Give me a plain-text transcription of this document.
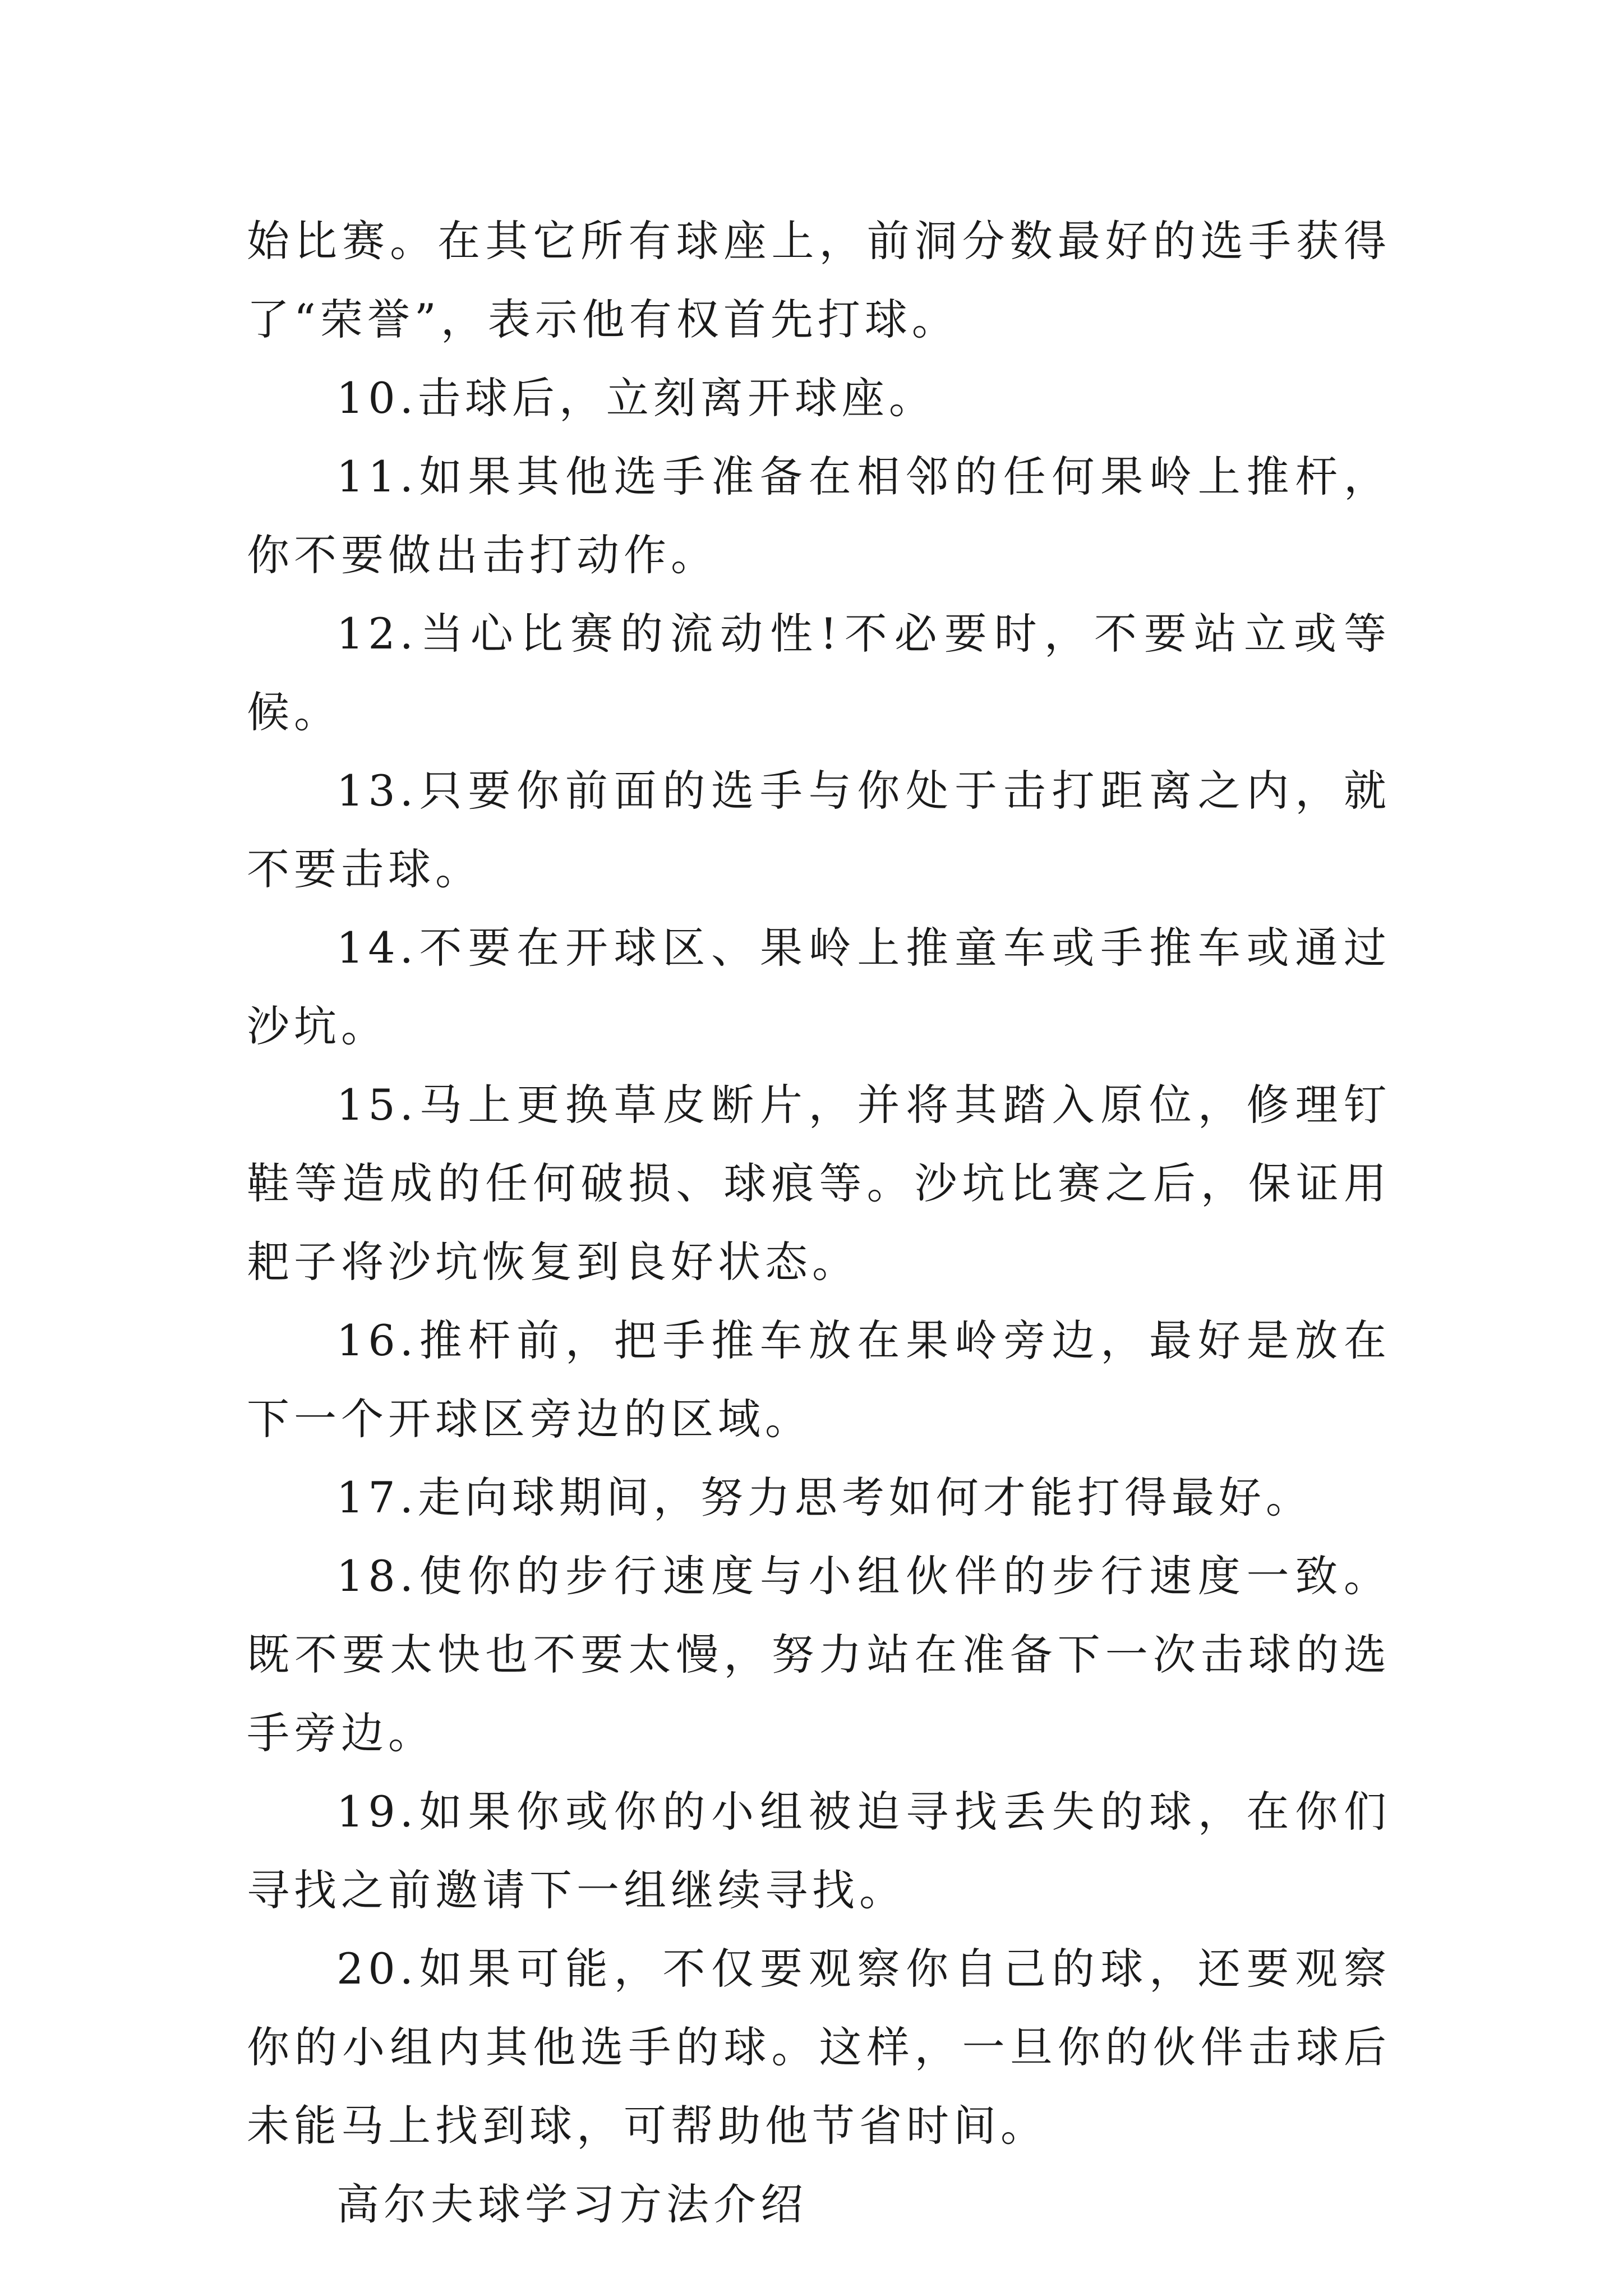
始比赛。在其它所有球座上，前洞分数最好的选手获得了“荣誉”，表示他有权首先打球。

10.击球后，立刻离开球座。

11.如果其他选手准备在相邻的任何果岭上推杆，你不要做出击打动作。

12.当心比赛的流动性!不必要时，不要站立或等候。

13.只要你前面的选手与你处于击打距离之内，就不要击球。

14.不要在开球区、果岭上推童车或手推车或通过沙坑。

15.马上更换草皮断片，并将其踏入原位，修理钉鞋等造成的任何破损、球痕等。沙坑比赛之后，保证用耙子将沙坑恢复到良好状态。

16.推杆前，把手推车放在果岭旁边，最好是放在下一个开球区旁边的区域。

17.走向球期间，努力思考如何才能打得最好。

18.使你的步行速度与小组伙伴的步行速度一致。既不要太快也不要太慢，努力站在准备下一次击球的选手旁边。

19.如果你或你的小组被迫寻找丢失的球，在你们寻找之前邀请下一组继续寻找。

20.如果可能，不仅要观察你自己的球，还要观察你的小组内其他选手的球。这样，一旦你的伙伴击球后未能马上找到球，可帮助他节省时间。

高尔夫球学习方法介绍
